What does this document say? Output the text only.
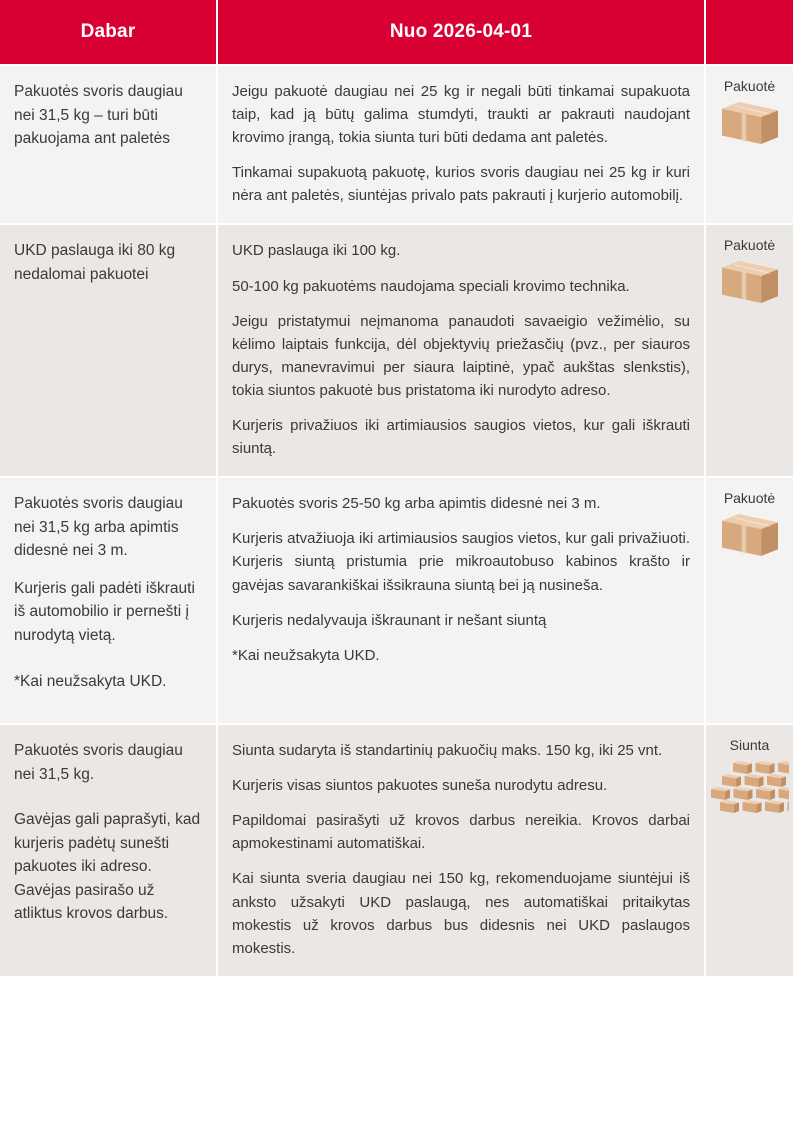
Dabar	Nuo 2026-04-01

Pakuotės svoris daugiau nei 31,5 kg – turi būti pakuojama ant paletės

Jeigu pakuotė daugiau nei 25 kg ir negali būti tinkamai supakuota taip, kad ją būtų galima stumdyti, traukti ar pakrauti naudojant krovimo įrangą, tokia siunta turi būti dedama ant paletės.

Tinkamai supakuotą pakuotę, kurios svoris daugiau nei 25 kg ir kuri nėra ant paletės, siuntėjas privalo pats pakrauti į kurjerio automobilį.

Pakuotė

UKD paslauga iki 80 kg nedalomai pakuotei

UKD paslauga iki 100 kg.

50-100 kg pakuotėms naudojama speciali krovimo technika.

Jeigu pristatymui neįmanoma panaudoti savaeigio vežimėlio, su kėlimo laiptais funkcija, dėl objektyvių priežasčių (pvz., per siauros durys, manevravimui per siaura laiptinė, ypač aukštas slenkstis), tokia siuntos pakuotė bus pristatoma iki nurodyto adreso.

Kurjeris privažiuos iki artimiausios saugios vietos, kur gali iškrauti siuntą.

Pakuotė

Pakuotės svoris daugiau nei 31,5 kg arba apimtis didesnė nei 3 m.

Kurjeris gali padėti iškrauti iš automobilio ir pernešti į nurodytą vietą.

*Kai neužsakyta UKD.

Pakuotės svoris 25-50 kg arba apimtis didesnė nei 3 m.

Kurjeris atvažiuoja iki artimiausios saugios vietos, kur gali privažiuoti. Kurjeris siuntą pristumia prie mikroautobuso kabinos krašto ir gavėjas savarankiškai išsikrauna siuntą bei ją nusineša.

Kurjeris nedalyvauja iškraunant ir nešant siuntą

*Kai neužsakyta UKD.

Pakuotė

Pakuotės svoris daugiau nei 31,5 kg.

Gavėjas gali paprašyti, kad kurjeris padėtų sunešti pakuotes iki adreso. Gavėjas pasirašo už atliktus krovos darbus.

Siunta sudaryta iš standartinių pakuočių maks. 150 kg, iki 25 vnt.

Kurjeris visas siuntos pakuotes suneša nurodytu adresu.

Papildomai pasirašyti už krovos darbus nereikia. Krovos darbai apmokestinami automatiškai.

Kai siunta sveria daugiau nei 150 kg, rekomenduojame siuntėjui iš anksto užsakyti UKD paslaugą, nes automatiškai pritaikytas mokestis už krovos darbus bus didesnis nei UKD paslaugos mokestis.

Siunta
